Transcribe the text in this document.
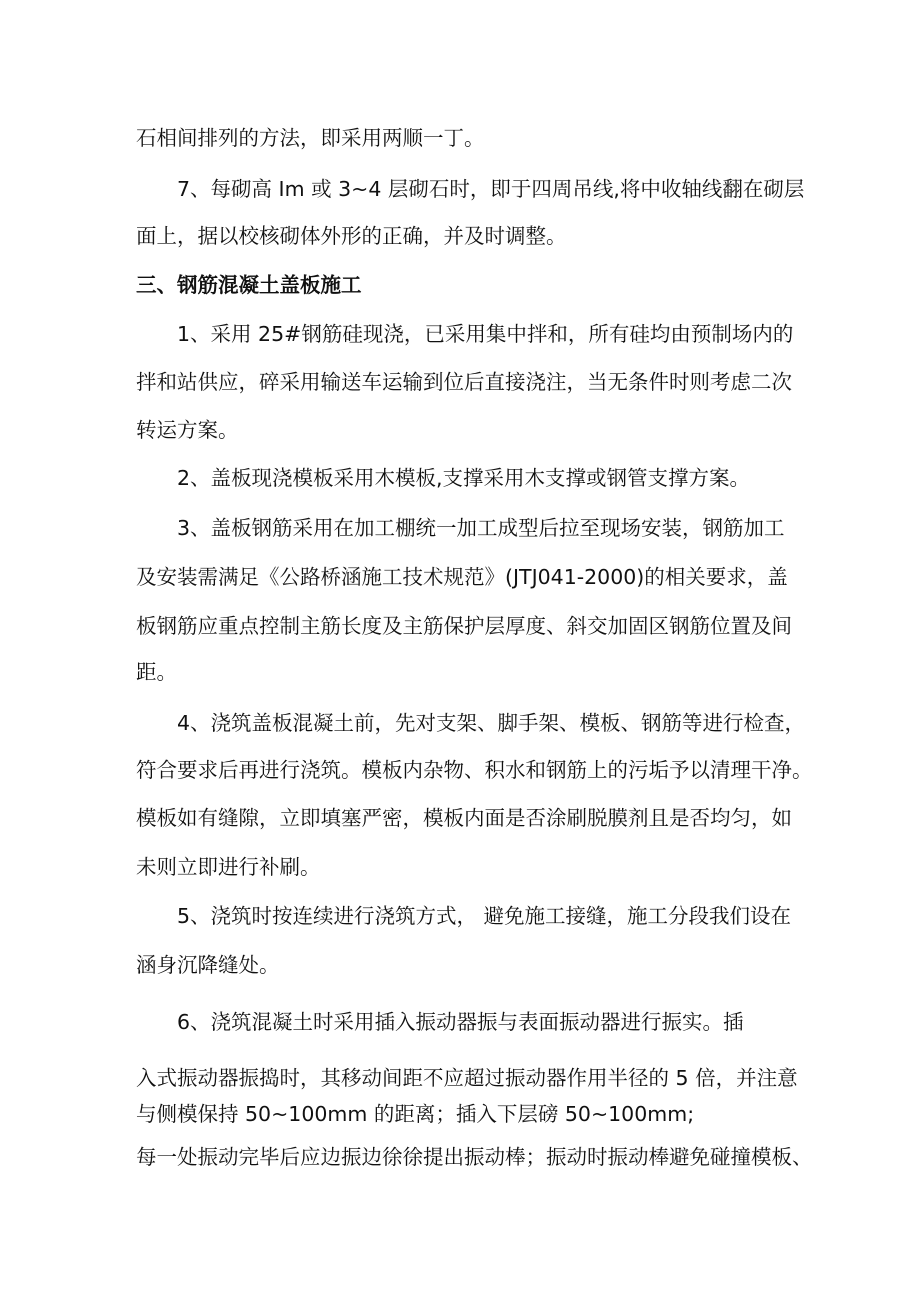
石相间排列的方法，即采用两顺一丁。
7、每砌高 Im 或 3~4 层砌石时，即于四周吊线,将中收轴线翻在砌层
面上，据以校核砌体外形的正确，并及时调整。
三、钢筋混凝土盖板施工
1、采用 25#钢筋硅现浇，已采用集中拌和，所有硅均由预制场内的
拌和站供应，碎采用输送车运输到位后直接浇注，当无条件时则考虑二次
转运方案。
2、盖板现浇模板采用木模板,支撑采用木支撑或钢管支撑方案。
3、盖板钢筋采用在加工棚统一加工成型后拉至现场安装，钢筋加工
及安装需满足《公路桥涵施工技术规范》(JTJ041-2000)的相关要求，盖
板钢筋应重点控制主筋长度及主筋保护层厚度、斜交加固区钢筋位置及间
距。
4、浇筑盖板混凝土前，先对支架、脚手架、模板、钢筋等进行检查，
符合要求后再进行浇筑。模板内杂物、积水和钢筋上的污垢予以清理干净。
模板如有缝隙，立即填塞严密，模板内面是否涂刷脱膜剂且是否均匀，如
未则立即进行补刷。
5、浇筑时按连续进行浇筑方式， 避免施工接缝，施工分段我们设在
涵身沉降缝处。
6、浇筑混凝土时采用插入振动器振与表面振动器进行振实。插
入式振动器振捣时，其移动间距不应超过振动器作用半径的 5 倍，并注意
与侧模保持 50~100mm 的距离；插入下层磅 50~100mm;
每一处振动完毕后应边振边徐徐提出振动棒；振动时振动棒避免碰撞模板、
